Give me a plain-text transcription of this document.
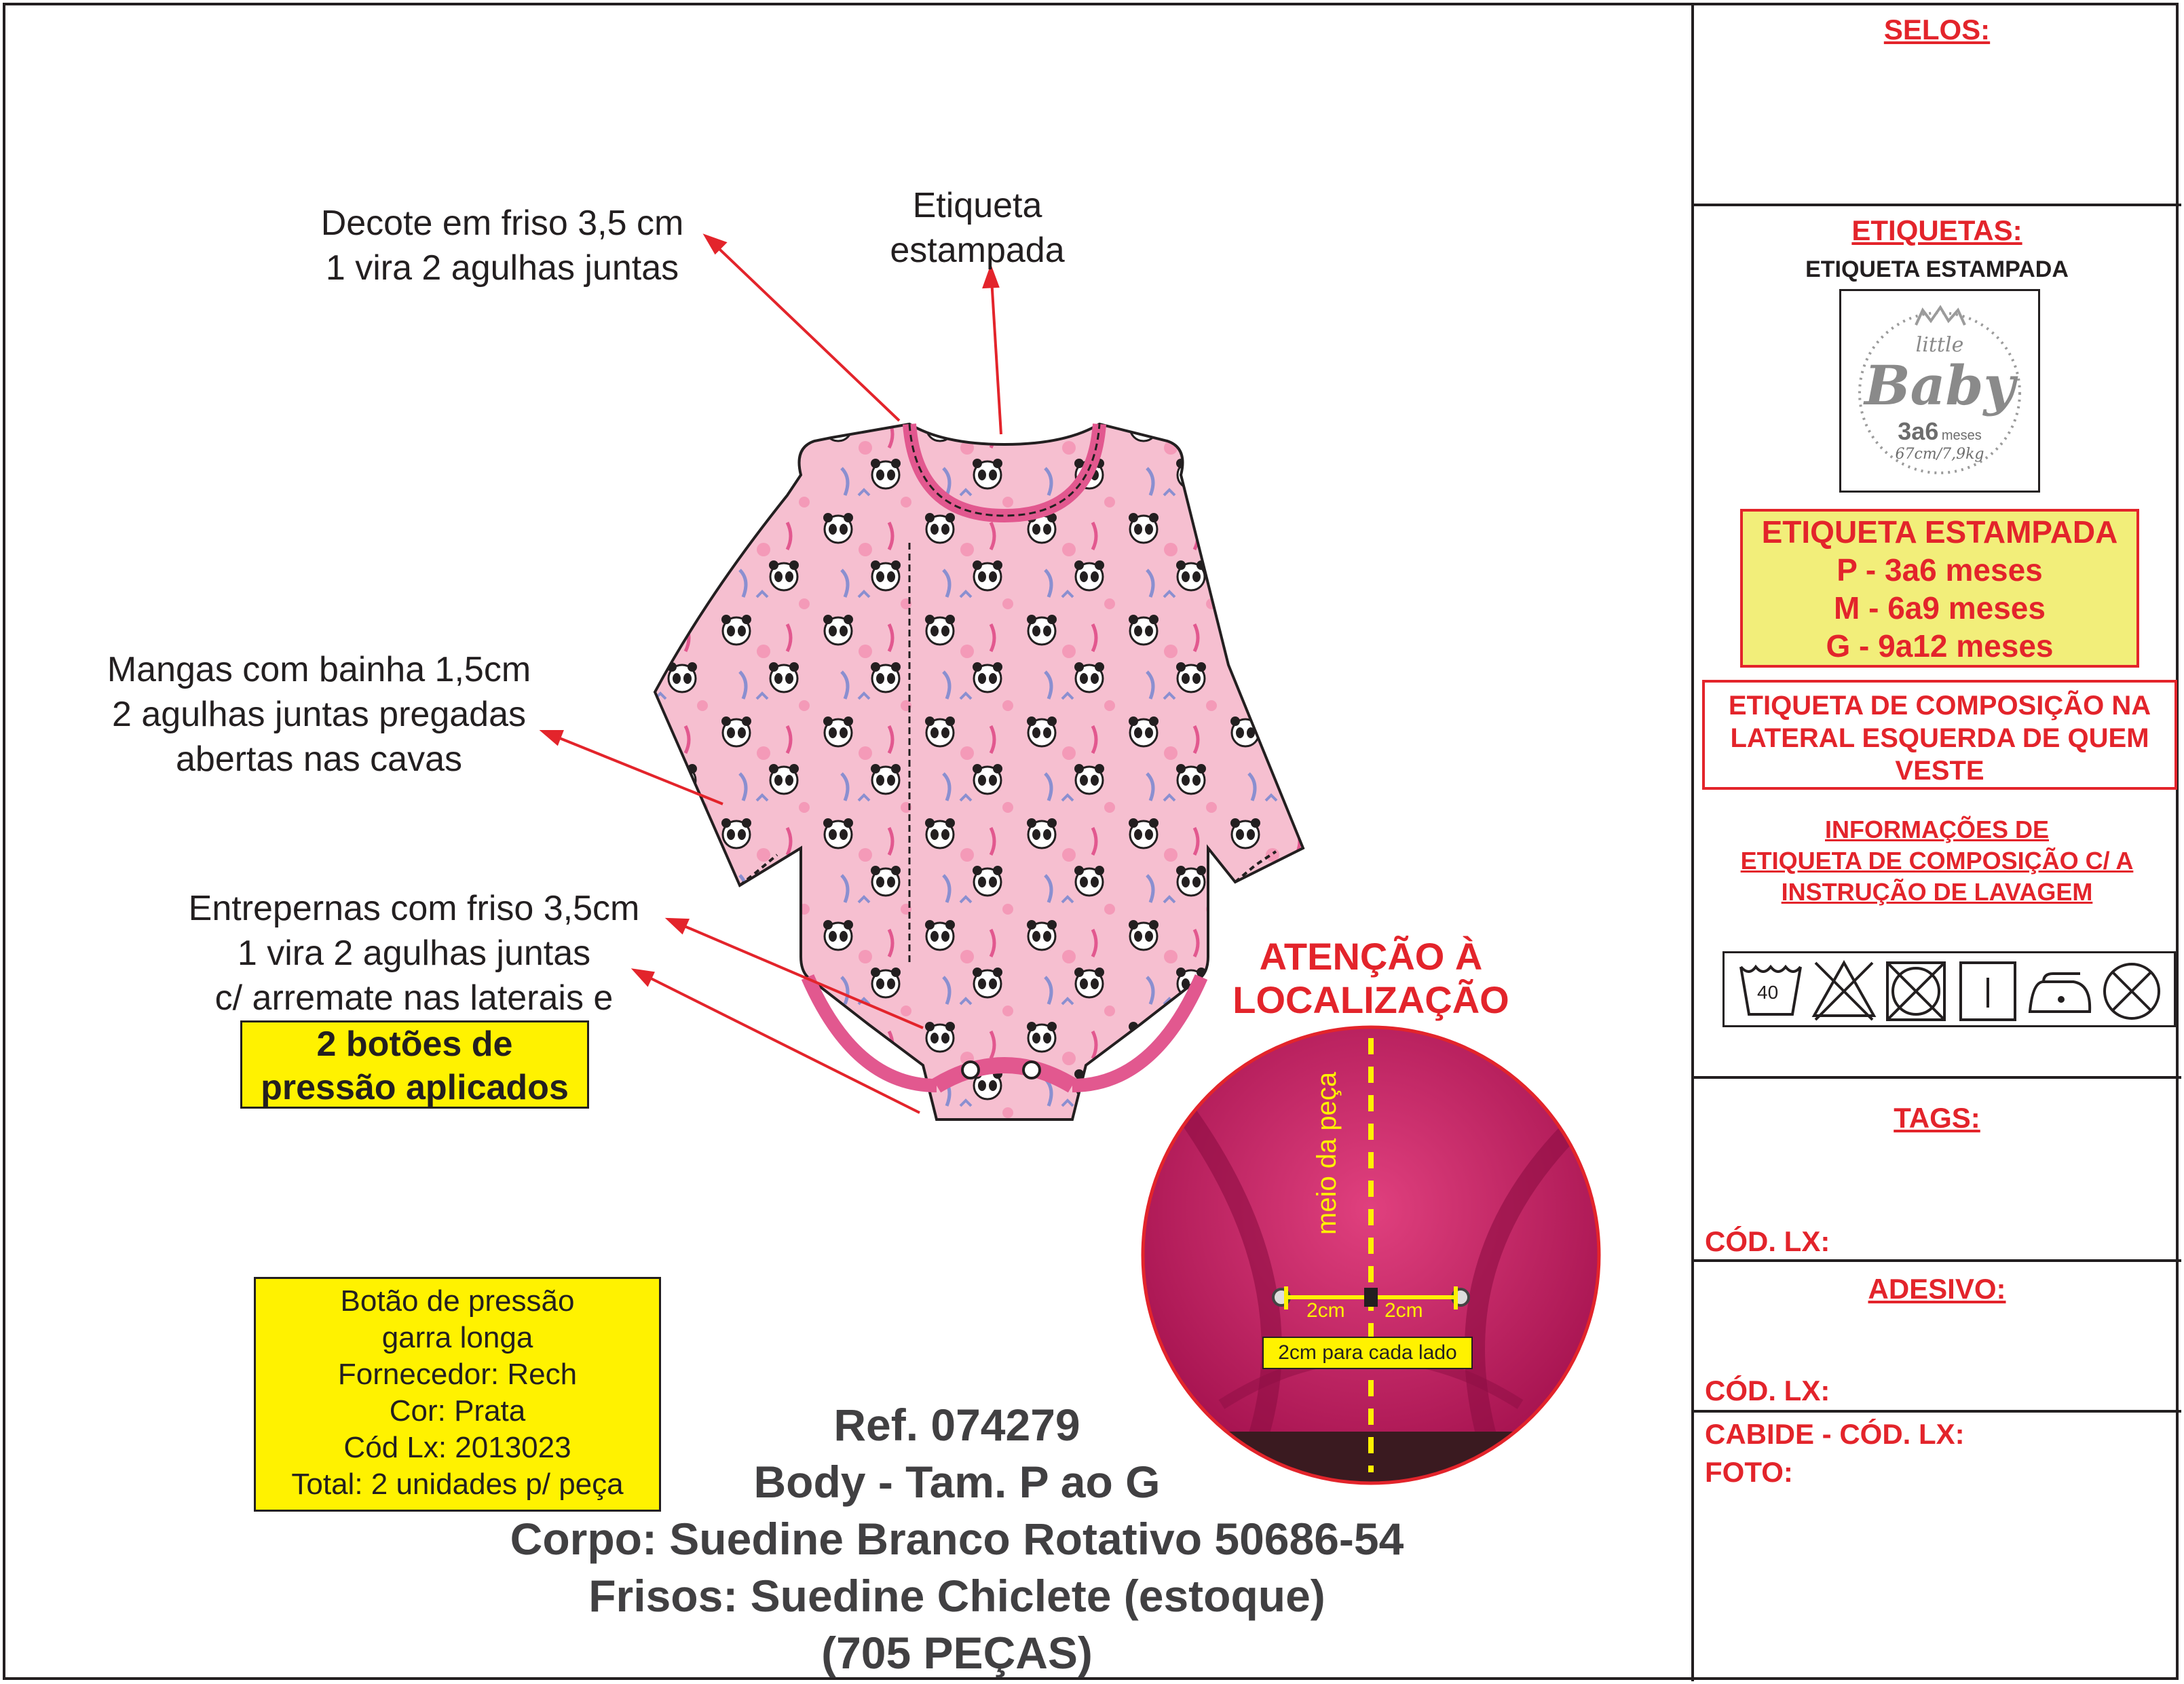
Decote em friso 3,5 cm
1 vira 2 agulhas juntas
Etiqueta
estampada
Mangas com bainha 1,5cm
2 agulhas juntas pregadas
abertas nas cavas
Entrepernas com friso 3,5cm
1 vira 2 agulhas juntas
c/ arremate nas laterais e
2 botões de
pressão aplicados
ATENÇÃO À
LOCALIZAÇÃO
2cm 2cm
2cm para cada lado
Botão de pressão
garra longa
Fornecedor: Rech
Cor: Prata
Cód Lx: 2013023
Total: 2 unidades p/ peça
Ref. 074279
Body - Tam. P ao G
Corpo: Suedine Branco Rotativo 50686-54
Frisos: Suedine Chiclete (estoque)
(705 PEÇAS)
SELOS:
ETIQUETAS:
ETIQUETA ESTAMPADA
little
Baby
3a6 meses
67cm/7,9kg
ETIQUETA ESTAMPADA
P - 3a6 meses
M - 6a9 meses
G - 9a12 meses
ETIQUETA DE COMPOSIÇÃO NA
LATERAL ESQUERDA DE QUEM
VESTE
INFORMAÇÕES DE
ETIQUETA DE COMPOSIÇÃO C/ A
INSTRUÇÃO DE LAVAGEM
40
TAGS:
CÓD. LX:
ADESIVO:
CÓD. LX:
CABIDE - CÓD. LX:
FOTO:
